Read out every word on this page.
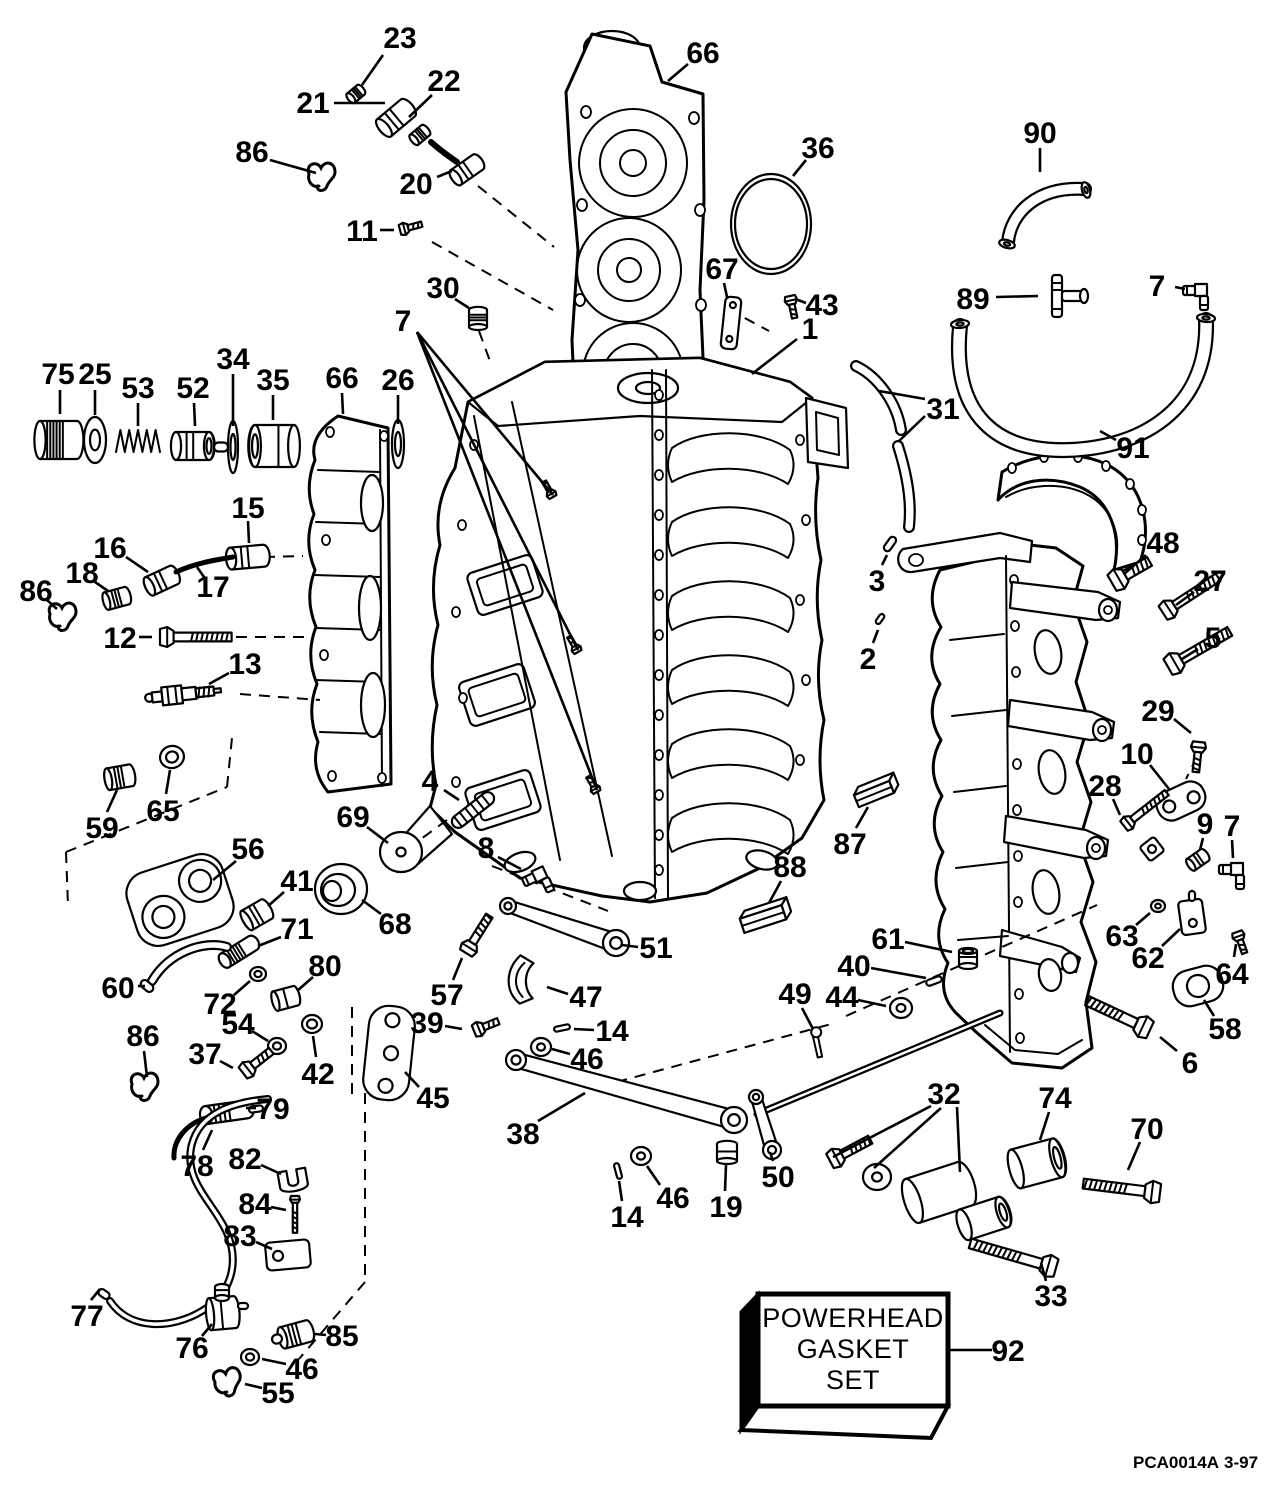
23
21
22
86
20
11
30
7
66
36
67
43
1
90
89	7
31
91
75 25 53 52
34
35 66 26
15
16
18
86	17
12
13
3
2
48
27
5
29
10
28
9 7
87
88
4
69
8
68
51
57	47
39	14
46
45
38
49 44
40
61
50
19
46
14
32	74
70
33
58
6
63
62 64
59
65
56
41
71
60 72
80
54
37
42
86
79
78 82
84
83
77
76	85
46
55
92
POWERHEAD
GASKET
SET
PCA0014A 3-97
